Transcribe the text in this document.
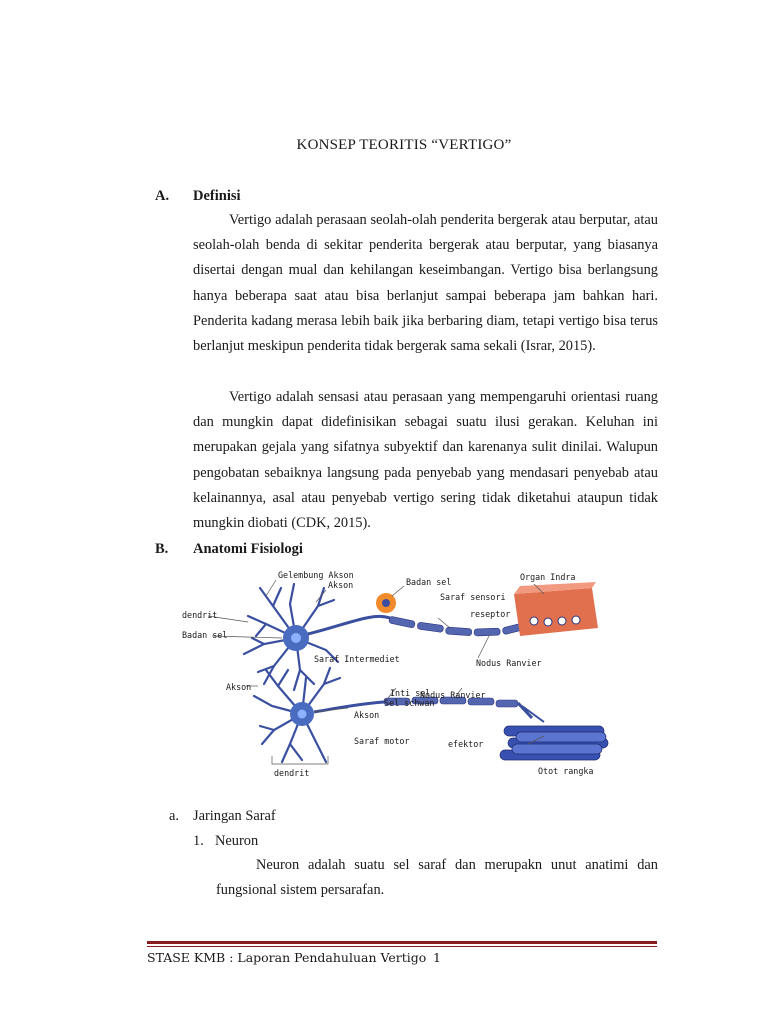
KONSEP TEORITIS “VERTIGO”
A. Definisi

Vertigo adalah perasaan seolah-olah penderita bergerak atau berputar, atau seolah-olah benda di sekitar penderita bergerak atau berputar, yang biasanya disertai dengan mual dan kehilangan keseimbangan. Vertigo bisa berlangsung hanya beberapa saat atau bisa berlanjut sampai beberapa jam bahkan hari. Penderita kadang merasa lebih baik jika berbaring diam, tetapi vertigo bisa terus berlanjut meskipun penderita tidak bergerak sama sekali (Israr, 2015).

Vertigo adalah sensasi atau perasaan yang mempengaruhi orientasi ruang dan mungkin dapat didefinisikan sebagai suatu ilusi gerakan. Keluhan ini merupakan gejala yang sifatnya subyektif dan karenanya sulit dinilai. Walupun pengobatan sebaiknya langsung pada penyebab yang mendasari penyebab atau kelainannya, asal atau penyebab vertigo sering tidak diketahui ataupun tidak mungkin diobati (CDK, 2015).

B. Anatomi Fisiologi
Gelembung Akson
Akson	Badan sel	Organ Indra
Saraf sensori
reseptor
dendrit
Badan sel
Saraf Intermediet	Nodus Ranvier
Akson
Inti sel
Nodus Ranvier
Sel schwan
Akson
Saraf motor	efektor
dendrit	Otot rangka
a. Jaringan Saraf
1. Neuron

Neuron adalah suatu sel saraf dan merupakn unut anatimi dan fungsional sistem persarafan.

STASE KMB : Laporan Pendahuluan Vertigo 1
